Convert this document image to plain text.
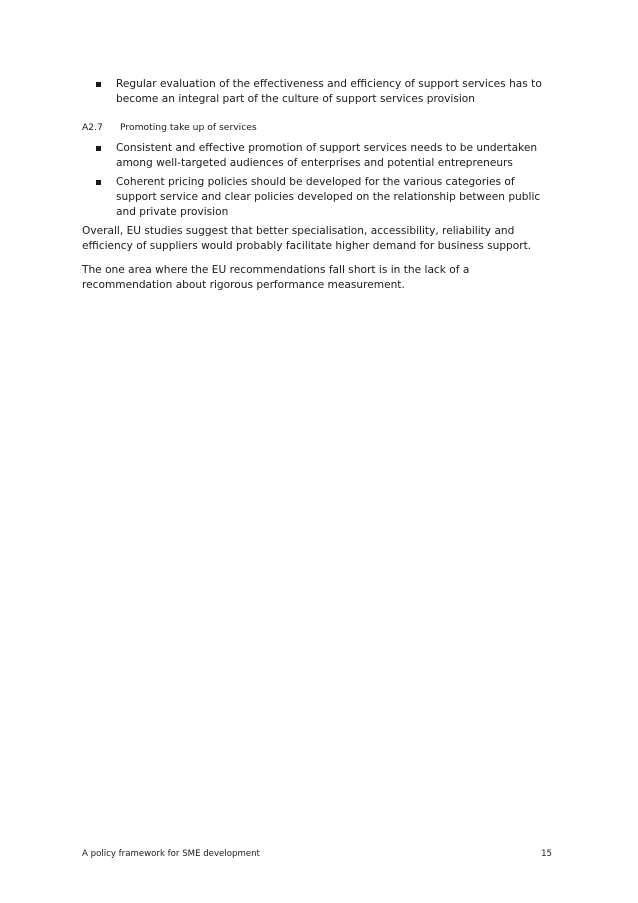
Regular evaluation of the effectiveness and efficiency of support services has to become an integral part of the culture of support services provision
A2.7 Promoting take up of services
Consistent and effective promotion of support services needs to be undertaken among well-targeted audiences of enterprises and potential entrepreneurs
Coherent pricing policies should be developed for the various categories of support service and clear policies developed on the relationship between public and private provision

Overall, EU studies suggest that better specialisation, accessibility, reliability and efficiency of suppliers would probably facilitate higher demand for business support.

The one area where the EU recommendations fall short is in the lack of a recommendation about rigorous performance measurement.

A policy framework for SME development	15
